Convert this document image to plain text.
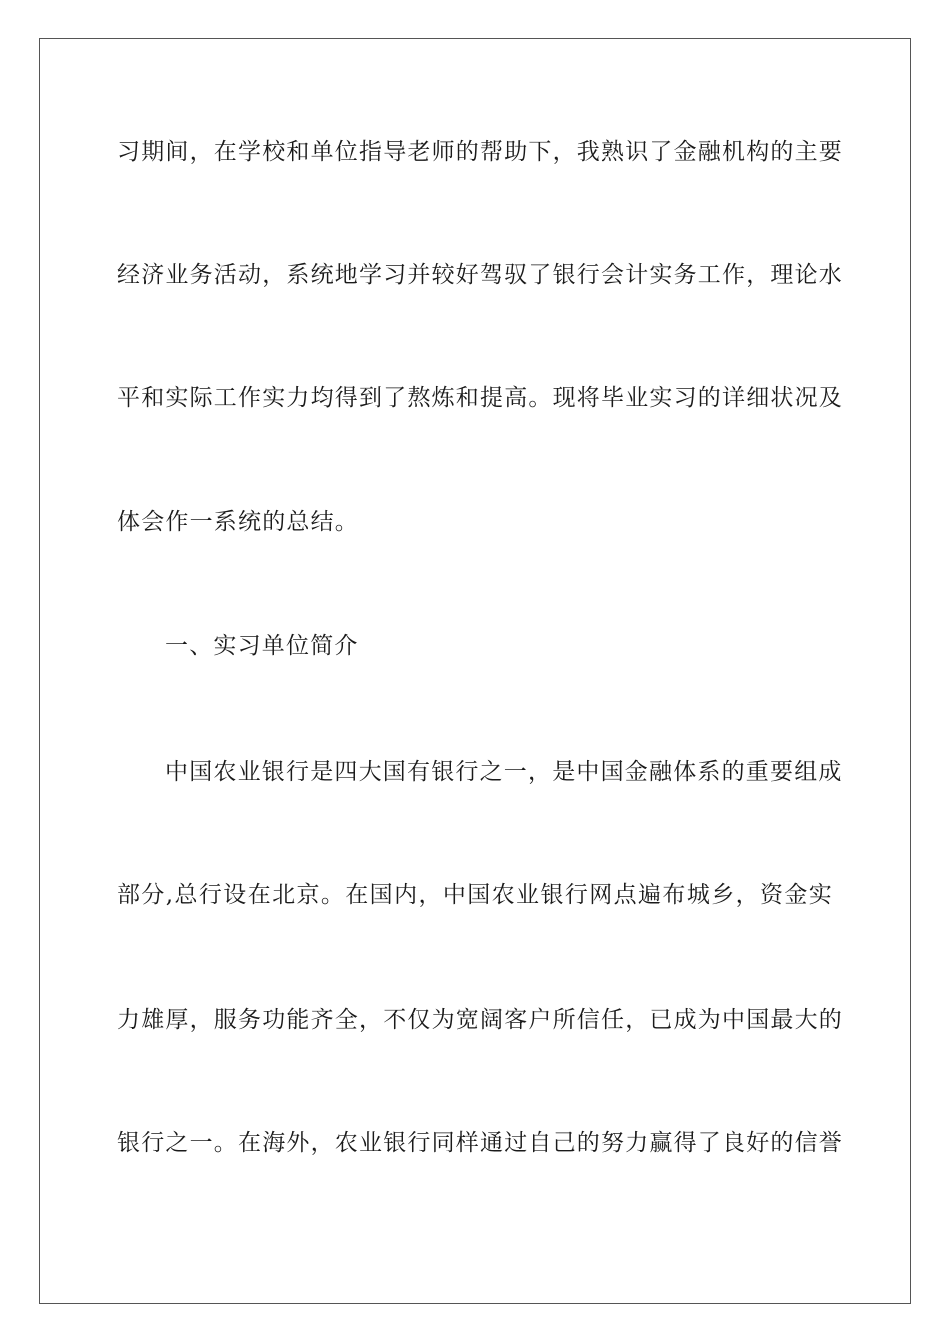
习期间，在学校和单位指导老师的帮助下，我熟识了金融机构的主要
经济业务活动，系统地学习并较好驾驭了银行会计实务工作，理论水
平和实际工作实力均得到了熬炼和提高。现将毕业实习的详细状况及
体会作一系统的总结。
一、实习单位简介
中国农业银行是四大国有银行之一，是中国金融体系的重要组成
部分,总行设在北京。在国内，中国农业银行网点遍布城乡，资金实
力雄厚，服务功能齐全，不仅为宽阔客户所信任，已成为中国最大的
银行之一。在海外，农业银行同样通过自己的努力赢得了良好的信誉
